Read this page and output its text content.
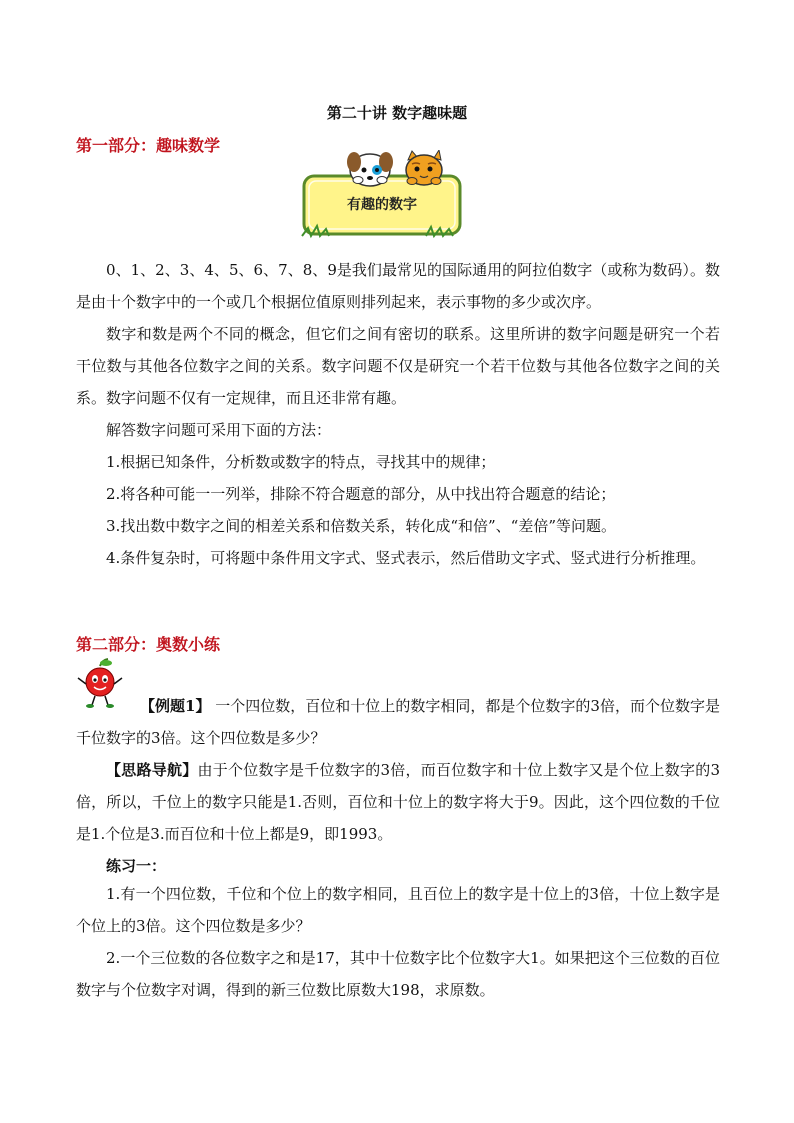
第二十讲 数字趣味题
第一部分：趣味数学
有趣的数字
0、1、2、3、4、5、6、7、8、9是我们最常见的国际通用的阿拉伯数字（或称为数码）。数是由十个数字中的一个或几个根据位值原则排列起来，表示事物的多少或次序。
数字和数是两个不同的概念，但它们之间有密切的联系。这里所讲的数字问题是研究一个若干位数与其他各位数字之间的关系。数字问题不仅是研究一个若干位数与其他各位数字之间的关系。数字问题不仅有一定规律，而且还非常有趣。
解答数字问题可采用下面的方法：
1.根据已知条件，分析数或数字的特点，寻找其中的规律；
2.将各种可能一一列举，排除不符合题意的部分，从中找出符合题意的结论；
3.找出数中数字之间的相差关系和倍数关系，转化成“和倍”、“差倍”等问题。
4.条件复杂时，可将题中条件用文字式、竖式表示，然后借助文字式、竖式进行分析推理。
第二部分：奥数小练
【例题1】 一个四位数，百位和十位上的数字相同，都是个位数字的3倍，而个位数字是千位数字的3倍。这个四位数是多少？
【思路导航】由于个位数字是千位数字的3倍，而百位数字和十位上数字又是个位上数字的3倍，所以，千位上的数字只能是1.否则，百位和十位上的数字将大于9。因此，这个四位数的千位是1.个位是3.而百位和十位上都是9，即1993。
练习一：
1.有一个四位数，千位和个位上的数字相同，且百位上的数字是十位上的3倍，十位上数字是个位上的3倍。这个四位数是多少？
2.一个三位数的各位数字之和是17，其中十位数字比个位数字大1。如果把这个三位数的百位数字与个位数字对调，得到的新三位数比原数大198，求原数。
